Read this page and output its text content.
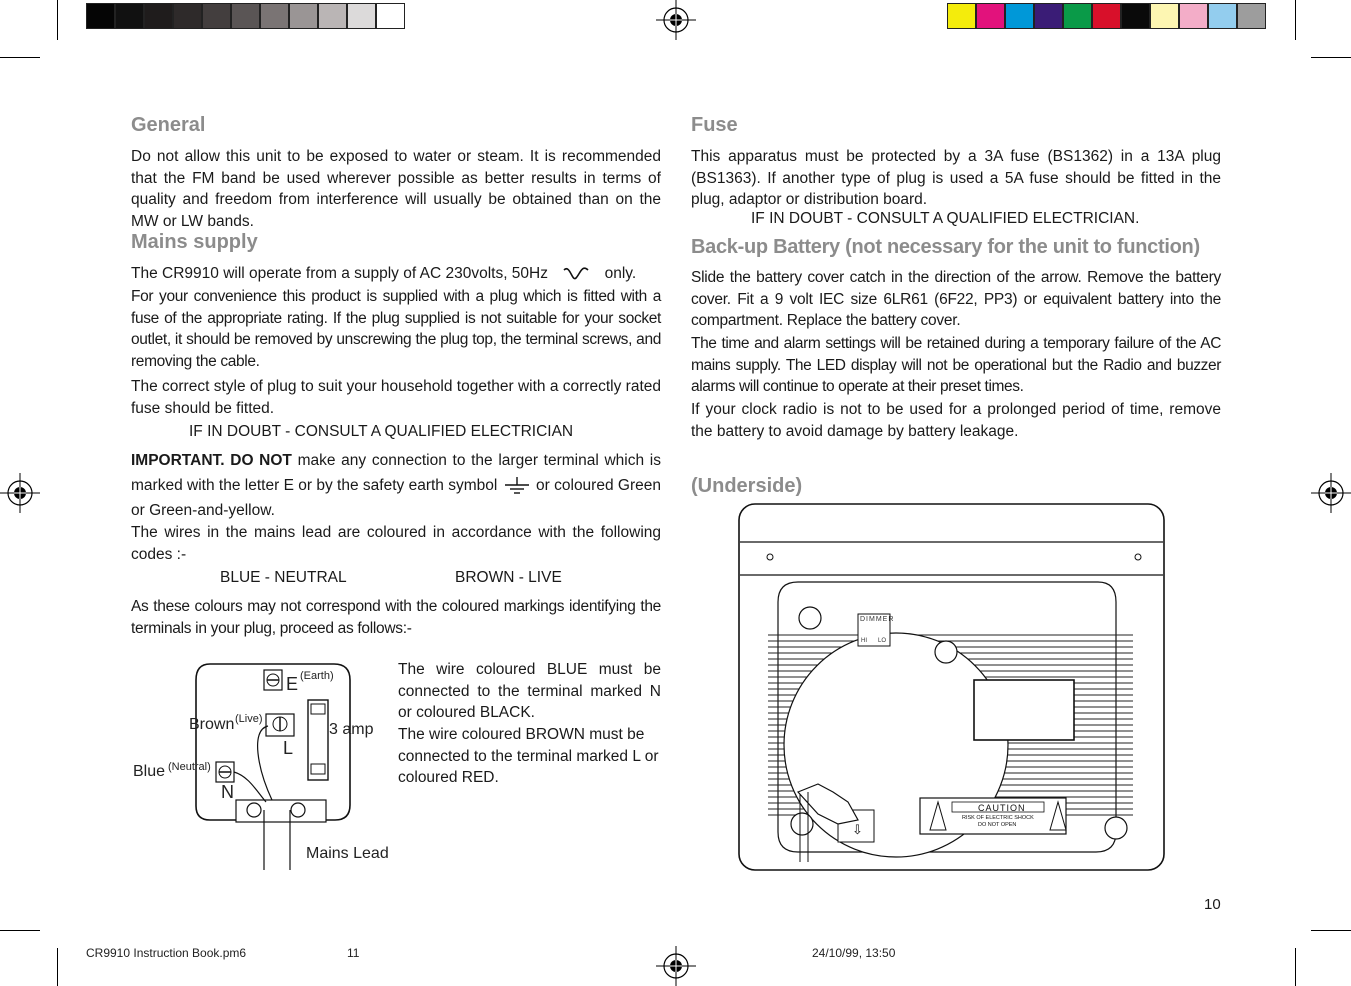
General

Do not allow this unit to be exposed to water or steam. It is recommended that the FM band be used wherever possible as better results in terms of quality and freedom from interference will usually be obtained than on the MW or LW bands.

Mains supply

The CR9910 will operate from a supply of AC 230volts, 50Hz	only.

For your convenience this product is supplied with a plug which is fitted with a fuse of the appropriate rating. If the plug supplied is not suitable for your socket outlet, it should be removed by unscrewing the plug top, the terminal screws, and removing the cable.

The correct style of plug to suit your household together with a correctly rated fuse should be fitted.

IF IN DOUBT - CONSULT A QUALIFIED ELECTRICIAN

IMPORTANT. DO NOT make any connection to the larger terminal which is marked with the letter E or by the safety earth symbol or coloured Green or Green-and-yellow.

The wires in the mains lead are coloured in accordance with the following codes :-

BLUE - NEUTRAL	BROWN - LIVE

As these colours may not correspond with the coloured markings identifying the terminals in your plug, proceed as follows:-

E (Earth)
Brown (Live)
3 amp
L
Blue (Neutral)
N
Mains Lead

The wire coloured BLUE must be connected to the terminal marked N or coloured BLACK.

The wire coloured BROWN must be connected to the terminal marked L or coloured RED.

Fuse

This apparatus must be protected by a 3A fuse (BS1362) in a 13A plug (BS1363). If another type of plug is used a 5A fuse should be fitted in the plug, adaptor or distribution board.

IF IN DOUBT - CONSULT A QUALIFIED ELECTRICIAN.

Back-up Battery (not necessary for the unit to function)

Slide the battery cover catch in the direction of the arrow. Remove the battery cover. Fit a 9 volt IEC size 6LR61 (6F22, PP3) or equivalent battery into the compartment. Replace the battery cover.

The time and alarm settings will be retained during a temporary failure of the AC mains supply. The LED display will not be operational but the Radio and buzzer alarms will continue to operate at their preset times.

If your clock radio is not to be used for a prolonged period of time, remove the battery to avoid damage by battery leakage.

(Underside)
DIMMER
HI LO
CAUTION
RISK OF ELECTRIC SHOCK
DO NOT OPEN
⇩
10
CR9910 Instruction Book.pm6	11	24/10/99, 13:50
